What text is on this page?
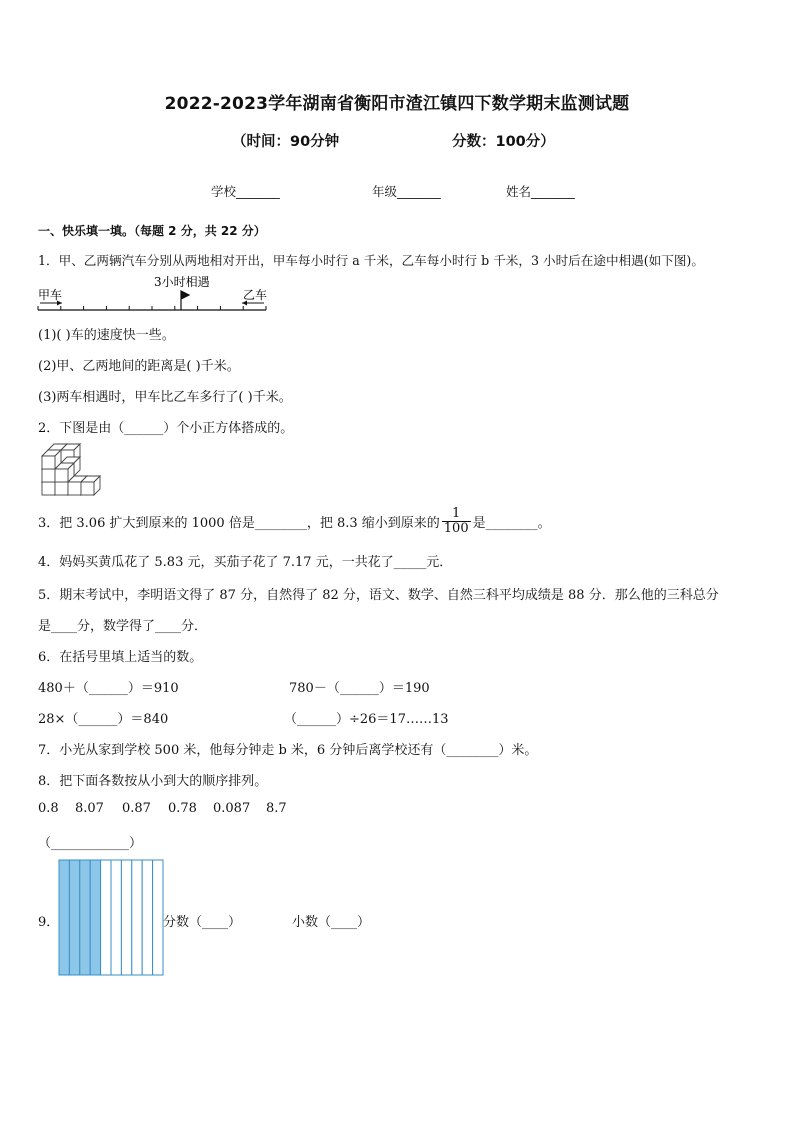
2022-2023学年湖南省衡阳市渣江镇四下数学期末监测试题
（时间：90分钟	分数：100分）
学校_______	年级_______	姓名_______
一、快乐填一填。（每题 2 分，共 22 分）
1．甲、乙两辆汽车分别从两地相对开出，甲车每小时行 a 千米，乙车每小时行 b 千米，3 小时后在途中相遇(如下图)。
甲车
3小时相遇
乙车
(1)( )车的速度快一些。
(2)甲、乙两地间的距离是( )千米。
(3)两车相遇时，甲车比乙车多行了( )千米。
2．下图是由（______）个小正方体搭成的。
3．把 3.06 扩大到原来的 1000 倍是________，把 8.3 缩小到原来的 $\frac{1}{100}$ 是________。
4．妈妈买黄瓜花了 5.83 元，买茄子花了 7.17 元，一共花了_____元．
5．期末考试中，李明语文得了 87 分，自然得了 82 分，语文、数学、自然三科平均成绩是 88 分．那么他的三科总分
是____分，数学得了____分．
6．在括号里填上适当的数。
480＋（______）＝910	780－（______）＝190
28×（______）＝840	（______）÷26＝17……13
7．小光从家到学校 500 米，他每分钟走 b 米，6 分钟后离学校还有（________）米。
8．把下面各数按从小到大的顺序排列。
0.8 8.07 0.87 0.78 0.087 8.7
（____________）
9．	分数（____）	小数（____）
